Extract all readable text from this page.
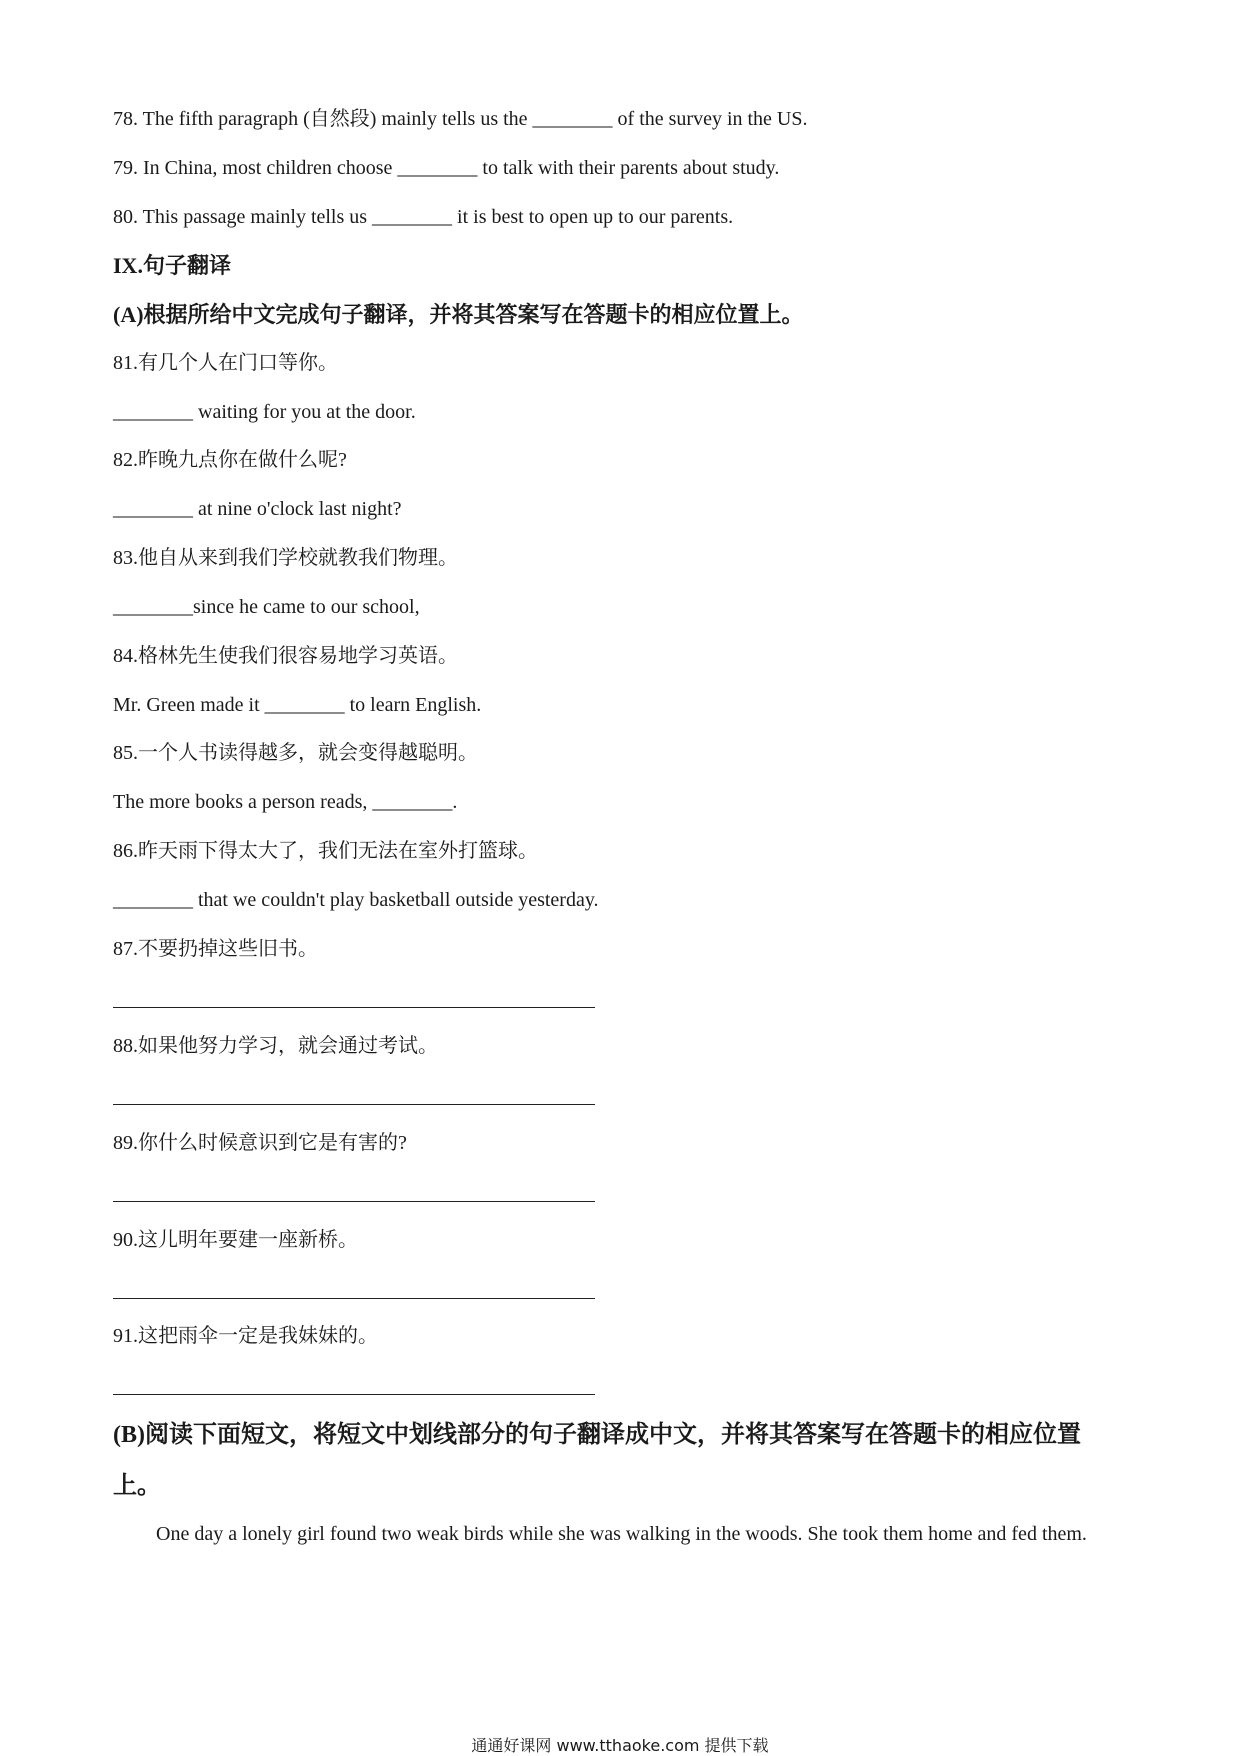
78. The fifth paragraph (自然段) mainly tells us the ________ of the survey in the US.
79. In China, most children choose ________ to talk with their parents about study.
80. This passage mainly tells us ________ it is best to open up to our parents.
IX.句子翻译
(A)根据所给中文完成句子翻译，并将其答案写在答题卡的相应位置上。
81.有几个人在门口等你。
________ waiting for you at the door.
82.昨晚九点你在做什么呢?
________ at nine o'clock last night?
83.他自从来到我们学校就教我们物理。
________since he came to our school,
84.格林先生使我们很容易地学习英语。
Mr. Green made it ________ to learn English.
85.一个人书读得越多，就会变得越聪明。
The more books a person reads, ________.
86.昨天雨下得太大了，我们无法在室外打篮球。
________ that we couldn't play basketball outside yesterday.
87.不要扔掉这些旧书。
88.如果他努力学习，就会通过考试。
89.你什么时候意识到它是有害的?
90.这儿明年要建一座新桥。
91.这把雨伞一定是我妹妹的。
(B)阅读下面短文，将短文中划线部分的句子翻译成中文，并将其答案写在答题卡的相应位置
上。
One day a lonely girl found two weak birds while she was walking in the woods. She took them home and fed them.
通通好课网 www.tthaoke.com 提供下载
